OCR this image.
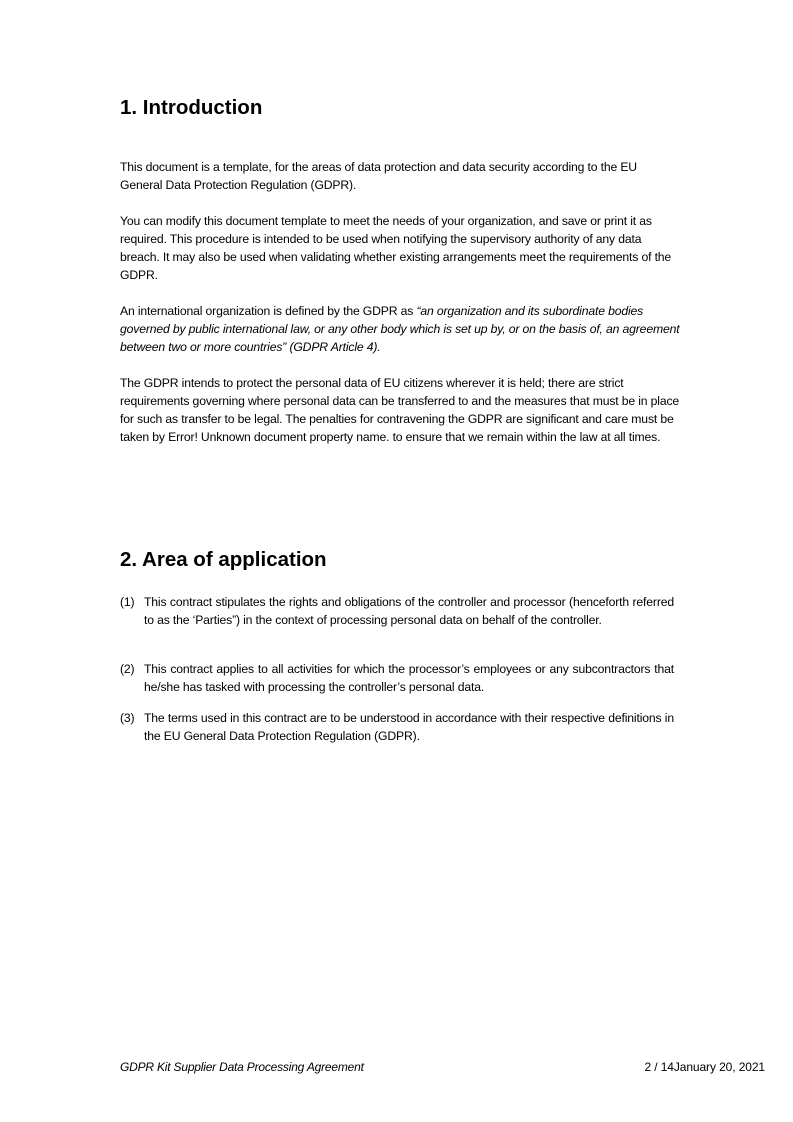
1. Introduction

This document is a template, for the areas of data protection and data security according to the EU General Data Protection Regulation (GDPR).

You can modify this document template to meet the needs of your organization, and save or print it as required. This procedure is intended to be used when notifying the supervisory authority of any data breach. It may also be used when validating whether existing arrangements meet the requirements of the GDPR.

An international organization is defined by the GDPR as “an organization and its subordinate bodies governed by public international law, or any other body which is set up by, or on the basis of, an agreement between two or more countries” (GDPR Article 4).

The GDPR intends to protect the personal data of EU citizens wherever it is held; there are strict requirements governing where personal data can be transferred to and the measures that must be in place for such as transfer to be legal. The penalties for contravening the GDPR are significant and care must be taken by Error! Unknown document property name. to ensure that we remain within the law at all times.

2. Area of application
(1) This contract stipulates the rights and obligations of the controller and processor (henceforth referred to as the ‘Parties”) in the context of processing personal data on behalf of the controller.
(2) This contract applies to all activities for which the processor’s employees or any subcontractors that he/she has tasked with processing the controller’s personal data.
(3) The terms used in this contract are to be understood in accordance with their respective definitions in the EU General Data Protection Regulation (GDPR).
GDPR Kit Supplier Data Processing Agreement	2 / 14January 20, 2021
